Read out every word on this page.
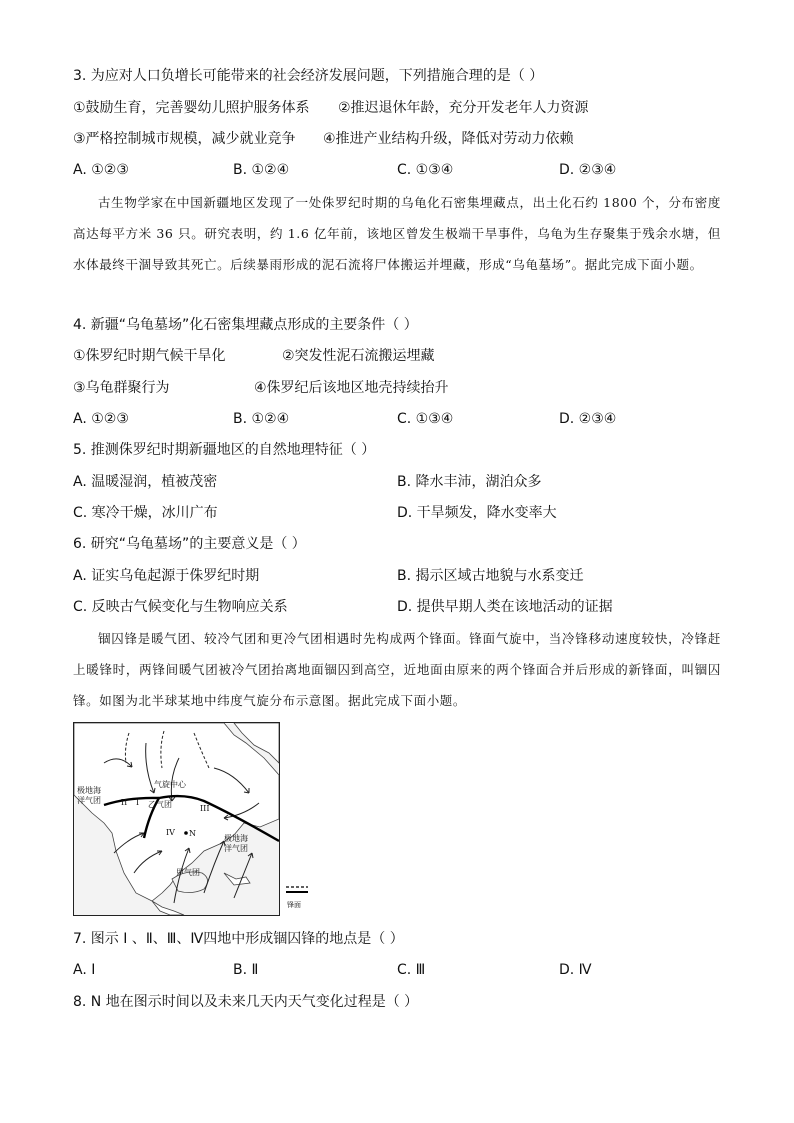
3. 为应对人口负增长可能带来的社会经济发展问题，下列措施合理的是（ ）
①鼓励生育，完善婴幼儿照护服务体系 ②推迟退休年龄，充分开发老年人力资源
③严格控制城市规模，减少就业竞争 ④推进产业结构升级，降低对劳动力依赖
A. ①②③	B. ①②④	C. ①③④	D. ②③④

古生物学家在中国新疆地区发现了一处侏罗纪时期的乌龟化石密集埋藏点，出土化石约 1800 个，分布密度高达每平方米 36 只。研究表明，约 1.6 亿年前，该地区曾发生极端干旱事件，乌龟为生存聚集于残余水塘，但水体最终干涸导致其死亡。后续暴雨形成的泥石流将尸体搬运并埋藏，形成“乌龟墓场”。据此完成下面小题。

4. 新疆“乌龟墓场”化石密集埋藏点形成的主要条件（ ）
①侏罗纪时期气候干旱化	②突发性泥石流搬运埋藏
③乌龟群聚行为	④侏罗纪后该地区地壳持续抬升
A. ①②③	B. ①②④	C. ①③④	D. ②③④
5. 推测侏罗纪时期新疆地区的自然地理特征（ ）
A. 温暖湿润，植被茂密	B. 降水丰沛，湖泊众多
C. 寒冷干燥，冰川广布	D. 干旱频发，降水变率大
6. 研究“乌龟墓场”的主要意义是（ ）
A. 证实乌龟起源于侏罗纪时期	B. 揭示区域古地貌与水系变迁
C. 反映古气候变化与生物响应关系	D. 提供早期人类在该地活动的证据

锢囚锋是暖气团、较冷气团和更冷气团相遇时先构成两个锋面。锋面气旋中，当冷锋移动速度较快，冷锋赶上暖锋时，两锋间暖气团被冷气团抬离地面锢囚到高空，近地面由原来的两个锋面合并后形成的新锋面，叫锢囚锋。如图为北半球某地中纬度气旋分布示意图。据此完成下面小题。

极地海
洋气团
气旋中心
乙气团
极地海
洋气团
甲气团
I
II
III
IV N
锋面
7. 图示 I 、Ⅱ、Ⅲ、Ⅳ四地中形成锢囚锋的地点是（ ）
A. I	B. Ⅱ	C. Ⅲ	D. Ⅳ
8. N 地在图示时间以及未来几天内天气变化过程是（ ）
